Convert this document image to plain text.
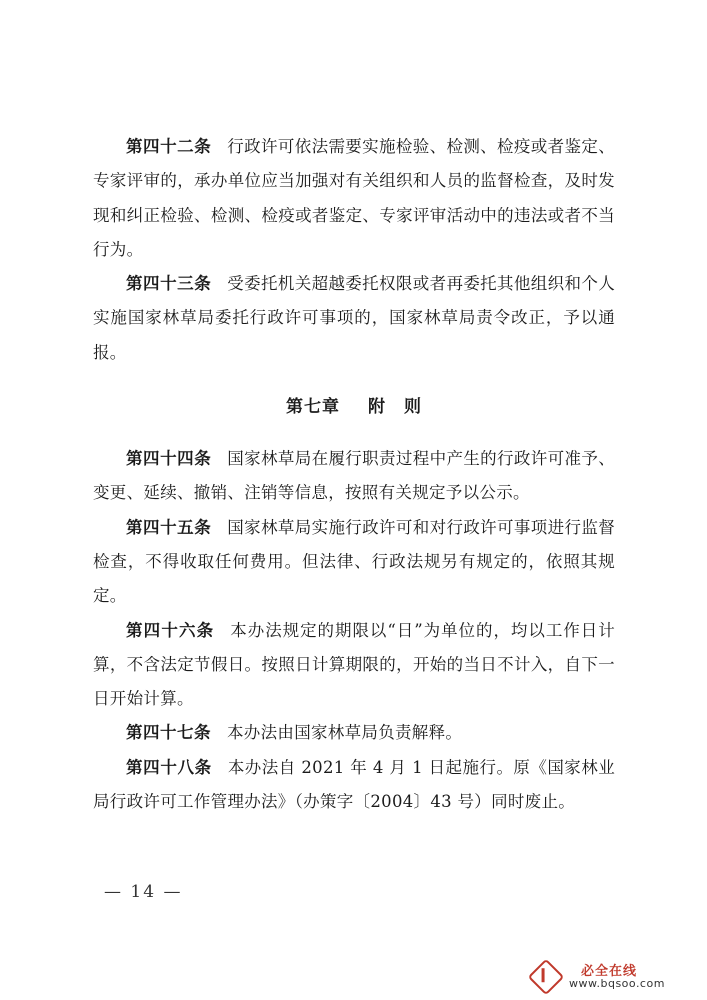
第四十二条 行政许可依法需要实施检验、检测、检疫或者鉴定、专家评审的，承办单位应当加强对有关组织和人员的监督检查，及时发现和纠正检验、检测、检疫或者鉴定、专家评审活动中的违法或者不当行为。

第四十三条 受委托机关超越委托权限或者再委托其他组织和个人实施国家林草局委托行政许可事项的，国家林草局责令改正，予以通报。

第七章 附　则

第四十四条 国家林草局在履行职责过程中产生的行政许可准予、变更、延续、撤销、注销等信息，按照有关规定予以公示。

第四十五条 国家林草局实施行政许可和对行政许可事项进行监督检查，不得收取任何费用。但法律、行政法规另有规定的，依照其规定。

第四十六条 本办法规定的期限以“日”为单位的，均以工作日计算，不含法定节假日。按照日计算期限的，开始的当日不计入，自下一日开始计算。

第四十七条 本办法由国家林草局负责解释。

第四十八条 本办法自 2021 年 4 月 1 日起施行。原《国家林业局行政许可工作管理办法》（办策字〔2004〕43 号）同时废止。

— 14 —
必全在线
www.bqsoo.com
